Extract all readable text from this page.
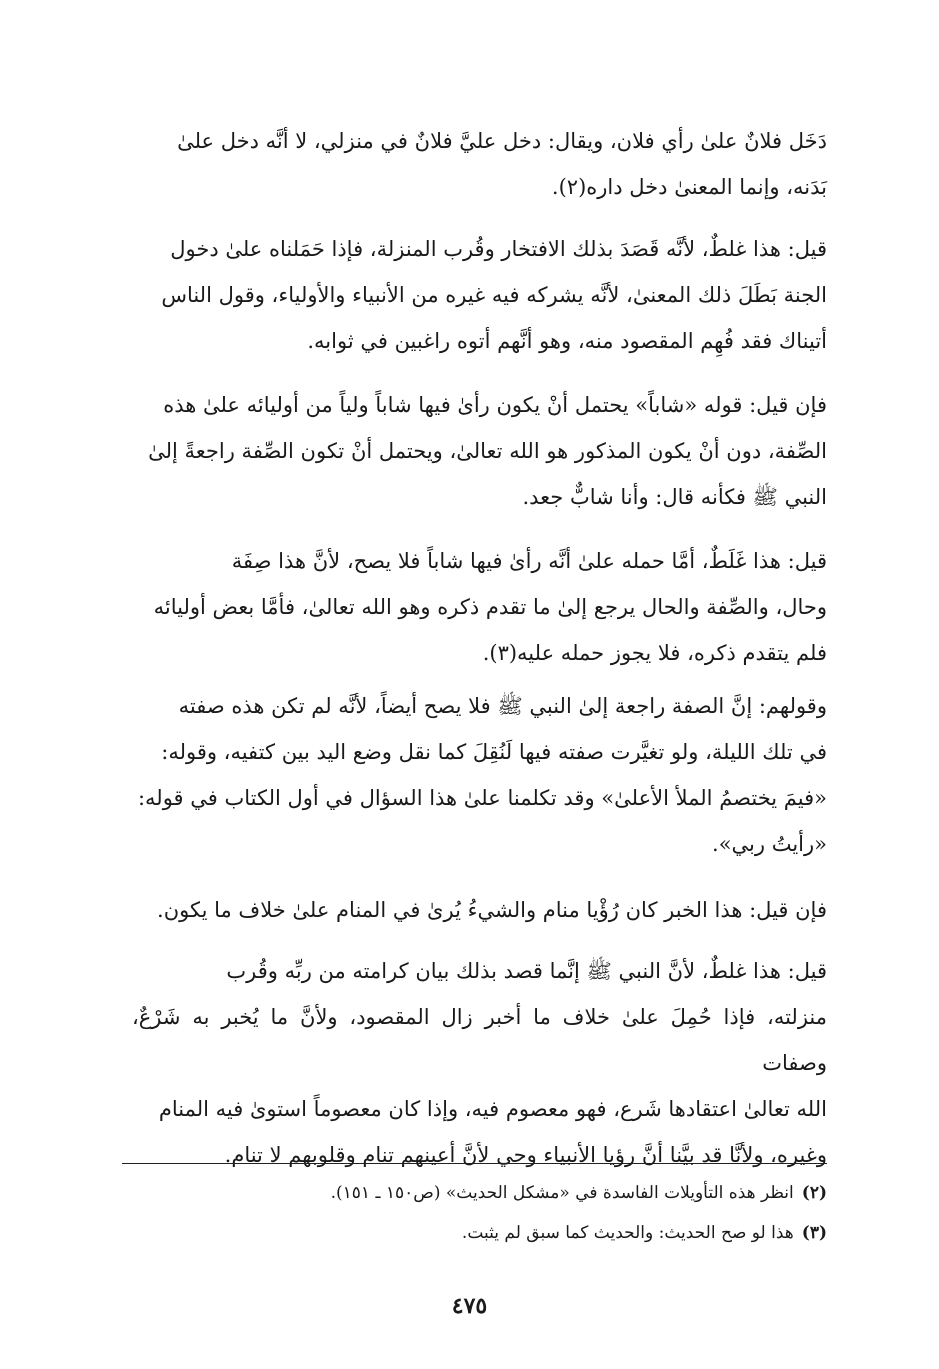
دَخَل فلانٌ علىٰ رأي فلان، ويقال: دخل عليَّ فلانٌ في منزلي، لا أنَّه دخل علىٰ
بَدَنه، وإنما المعنىٰ دخل داره(٢).
قيل: هذا غلطٌ، لأنَّه قَصَدَ بذلك الافتخار وقُرب المنزلة، فإذا حَمَلناه علىٰ دخول
الجنة بَطَلَ ذلك المعنىٰ، لأنَّه يشركه فيه غيره من الأنبياء والأولياء، وقول الناس
أتيناك فقد فُهِم المقصود منه، وهو أنَّهم أتوه راغبين في ثوابه.
فإن قيل: قوله «شاباً» يحتمل أنْ يكون رأىٰ فيها شاباً ولياً من أوليائه علىٰ هذه
الصِّفة، دون أنْ يكون المذكور هو الله تعالىٰ، ويحتمل أنْ تكون الصِّفة راجعةً إلىٰ
النبي ﷺ فكأنه قال: وأنا شابٌّ جعد.
قيل: هذا غَلَطٌ، أمَّا حمله علىٰ أنَّه رأىٰ فيها شاباً فلا يصح، لأنَّ هذا صِفَة
وحال، والصِّفة والحال يرجع إلىٰ ما تقدم ذكره وهو الله تعالىٰ، فأمَّا بعض أوليائه
فلم يتقدم ذكره، فلا يجوز حمله عليه(٣).
وقولهم: إنَّ الصفة راجعة إلىٰ النبي ﷺ فلا يصح أيضاً، لأنَّه لم تكن هذه صفته
في تلك الليلة، ولو تغيَّرت صفته فيها لَنُقِلَ كما نقل وضع اليد بين كتفيه، وقوله:
«فيمَ يختصمُ الملأ الأعلىٰ» وقد تكلمنا علىٰ هذا السؤال في أول الكتاب في قوله:
«رأيتُ ربي».
فإن قيل: هذا الخبر كان رُؤْيا منام والشيءُ يُرىٰ في المنام علىٰ خلاف ما يكون.
قيل: هذا غلطٌ، لأنَّ النبي ﷺ إنَّما قصد بذلك بيان كرامته من ربِّه وقُرب
منزلته، فإذا حُمِلَ علىٰ خلاف ما أخبر زال المقصود، ولأنَّ ما يُخبر به شَرْعٌ، وصفات
الله تعالىٰ اعتقادها شَرع، فهو معصوم فيه، وإذا كان معصوماً استوىٰ فيه المنام
وغيره، ولأنَّا قد بيَّنا أنَّ رؤيا الأنبياء وحي لأنَّ أعينهم تنام وقلوبهم لا تنام.
(٢)انظر هذه التأويلات الفاسدة في «مشكل الحديث» (ص١٥٠ ـ ١٥١).
(٣)هذا لو صح الحديث: والحديث كما سبق لم يثبت.
٤٧٥
